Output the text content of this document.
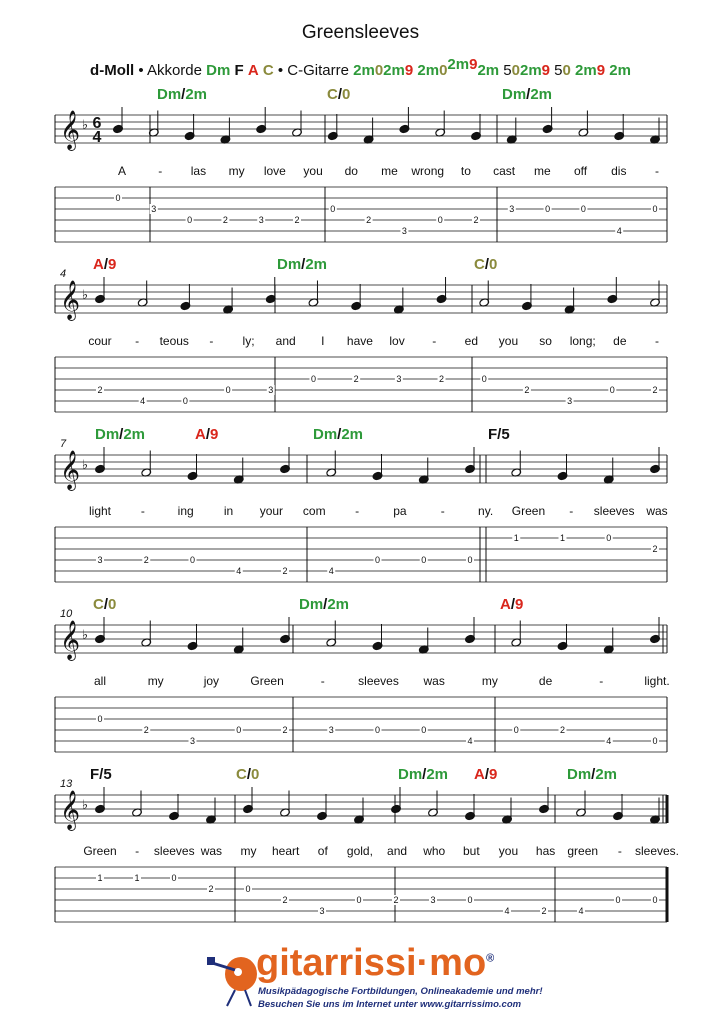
Greensleeves
d-Moll • Akkorde Dm F A C • C-Gitarre 2m02m9 2m02m92m 502m9 50 2m9 2m
𝄞 ♭ 6
4
Dm/2m	C/0	Dm/2m
A	- las my love you do me wrong to cast me off dis -
0
3
0	2	3	2
0
2
3
0	2
3	0	0
4
0
4
𝄞 ♭
A/9	Dm/2m	C/0
cour - teous - ly; and I have lov - ed you so long; de -
2
4	0
0	3
0	2	3	2	0
2
3
0	2
7
𝄞 ♭
Dm/2m	A/9	Dm/2m	F/5
light -	ing	in your com -	pa	-	ny. Green - sleeves was
3	2	0
4	2	4
0	0	0
1	1	0
2
10
𝄞 ♭
C/0	Dm/2m	A/9
all	my	joy	Green	-	sleeves was	my	de	-	light.
0
2
3
0	2	3	0	0
4
0	2
4	0
13
𝄞 ♭
F/5	C/0	Dm/2m A/9	Dm/2m
Green - sleeves was my heart of gold, and who but you has green - sleeves.
1	1	0
2	0
2
3
0	2	3	0
4	2	4
0	0
gitarrissi·mo®
Musikpädagogische Fortbildungen, Onlineakademie und mehr!
Besuchen Sie uns im Internet unter www.gitarrissimo.com
